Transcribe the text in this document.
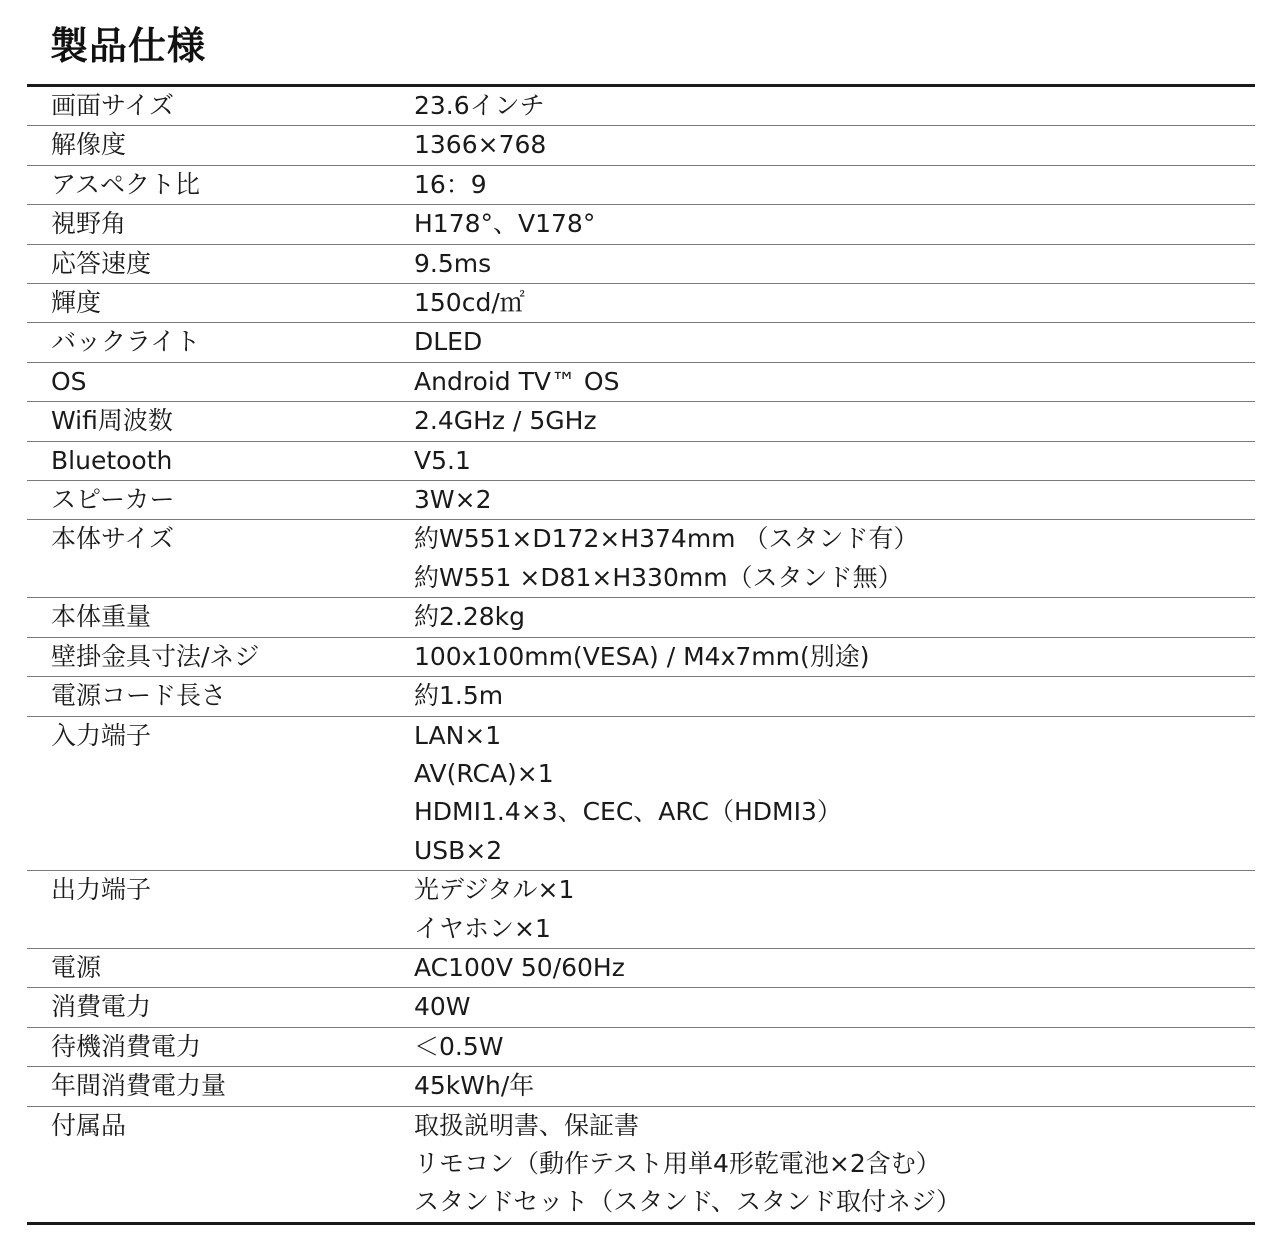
製品仕様
画面サイズ	23.6インチ
解像度	1366×768
アスペクト比	16：9
視野角	H178°、V178°
応答速度	9.5ms
輝度	150cd/㎡
バックライト	DLED
OS	Android TV™ OS
Wifi周波数	2.4GHz / 5GHz
Bluetooth	V5.1
スピーカー	3W×2
本体サイズ	約W551×D172×H374mm （スタンド有）
約W551 ×D81×H330mm（スタンド無）
本体重量	約2.28kg
壁掛金具寸法/ネジ	100x100mm(VESA) / M4x7mm(別途)
電源コード長さ	約1.5m
入力端子	LAN×1
AV(RCA)×1
HDMI1.4×3、CEC、ARC（HDMI3）
USB×2
出力端子	光デジタル×1
イヤホン×1
電源	AC100V 50/60Hz
消費電力	40W
待機消費電力	＜0.5W
年間消費電力量	45kWh/年
付属品	取扱説明書、保証書
リモコン（動作テスト用単4形乾電池×2含む）
スタンドセット（スタンド、スタンド取付ネジ）
